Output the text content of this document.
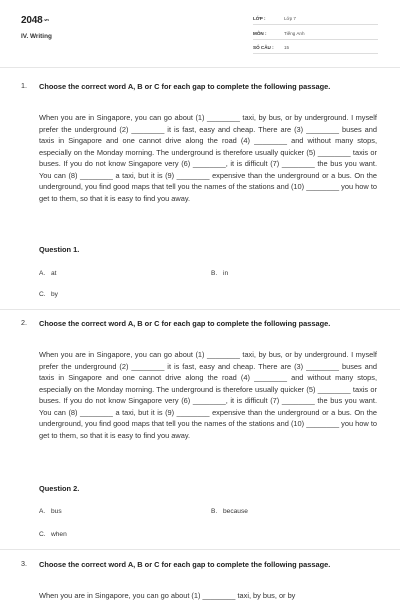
$2048^{.vn}$
IV. Writing
LỚP :	Lớp 7
MÔN :	Tiếng Anh
SỐ CÂU : 15
1. Choose the correct word A, B or C for each gap to complete the following passage.
When you are in Singapore, you can go about (1) ________ taxi, by bus, or by underground. I myself prefer the underground (2) ________ it is fast, easy and cheap. There are (3) ________ buses and taxis in Singapore and one cannot drive along the road (4) ________ and without many stops, especially on the Monday morning. The underground is therefore usually quicker (5) ________ taxis or buses. If you do not know Singapore very (6) ________, it is difficult (7) ________ the bus you want. You can (8) ________ a taxi, but it is (9) ________ expensive than the underground or a bus. On the underground, you find good maps that tell you the names of the stations and (10) ________ you how to get to them, so that it is easy to find you away.
Question 1.
A. at	B. in
C. by
2. Choose the correct word A, B or C for each gap to complete the following passage.
When you are in Singapore, you can go about (1) ________ taxi, by bus, or by underground. I myself prefer the underground (2) ________ it is fast, easy and cheap. There are (3) ________ buses and taxis in Singapore and one cannot drive along the road (4) ________ and without many stops, especially on the Monday morning. The underground is therefore usually quicker (5) ________ taxis or buses. If you do not know Singapore very (6) ________, it is difficult (7) ________ the bus you want. You can (8) ________ a taxi, but it is (9) ________ expensive than the underground or a bus. On the underground, you find good maps that tell you the names of the stations and (10) ________ you how to get to them, so that it is easy to find you away.
Question 2.
A. bus	B. because
C. when
3. Choose the correct word A, B or C for each gap to complete the following passage.
When you are in Singapore, you can go about (1) ________ taxi, by bus, or by
